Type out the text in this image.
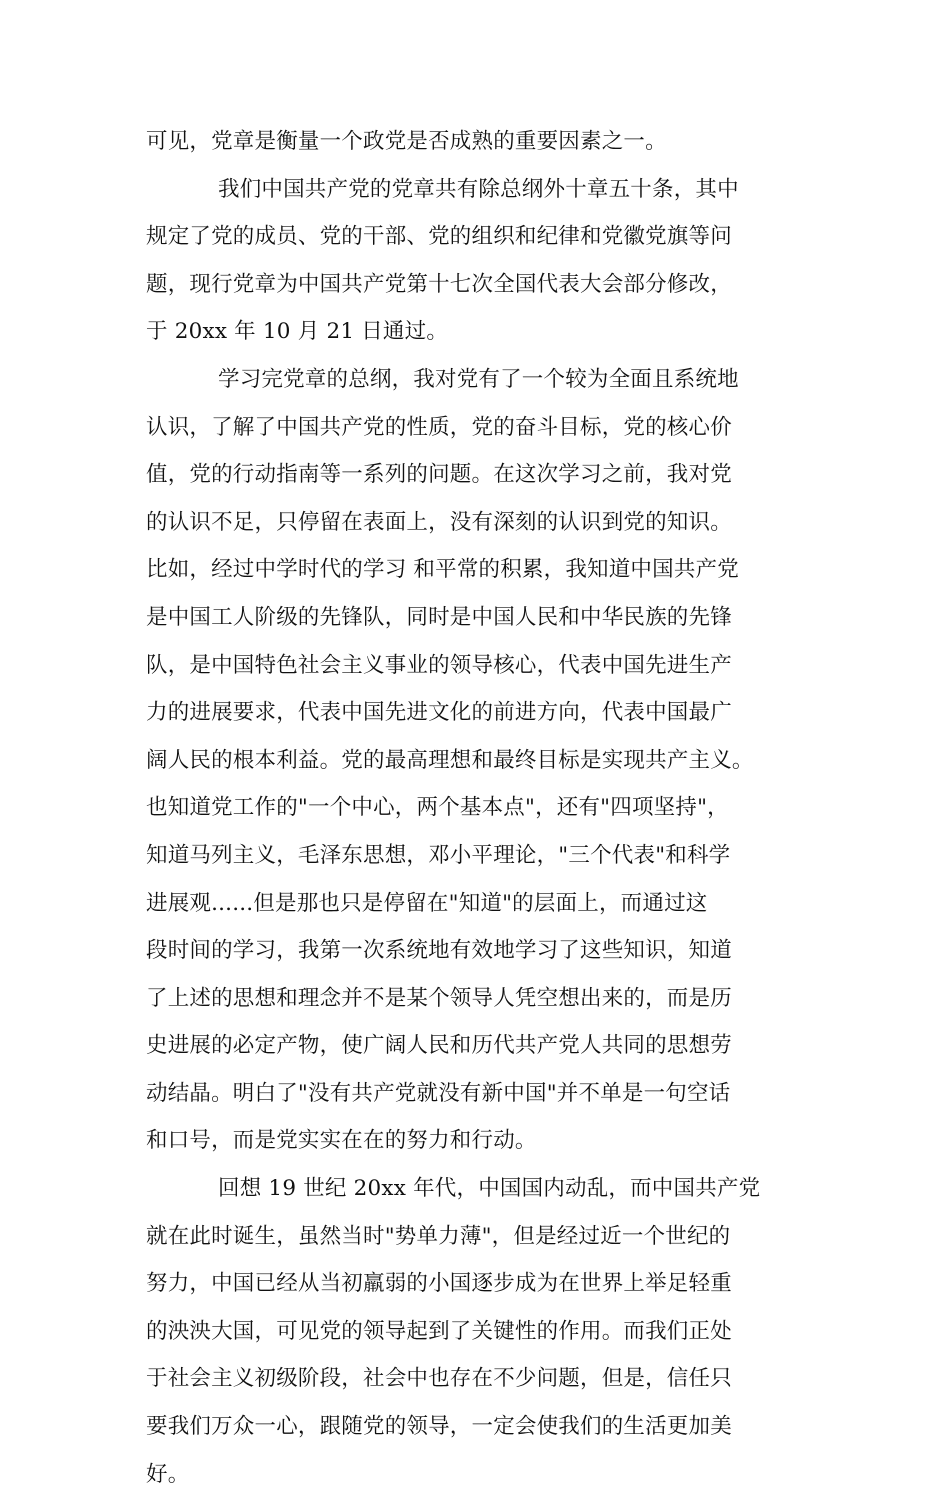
可见，党章是衡量一个政党是否成熟的重要因素之一。
我们中国共产党的党章共有除总纲外十章五十条，其中
规定了党的成员、党的干部、党的组织和纪律和党徽党旗等问
题，现行党章为中国共产党第十七次全国代表大会部分修改，
于 20xx 年 10 月 21 日通过。
学习完党章的总纲，我对党有了一个较为全面且系统地
认识，了解了中国共产党的性质，党的奋斗目标，党的核心价
值，党的行动指南等一系列的问题。在这次学习之前，我对党
的认识不足，只停留在表面上，没有深刻的认识到党的知识。
比如，经过中学时代的学习 和平常的积累，我知道中国共产党
是中国工人阶级的先锋队，同时是中国人民和中华民族的先锋
队，是中国特色社会主义事业的领导核心，代表中国先进生产
力的进展要求，代表中国先进文化的前进方向，代表中国最广
阔人民的根本利益。党的最高理想和最终目标是实现共产主义。
也知道党工作的"一个中心，两个基本点"，还有"四项坚持"，
知道马列主义，毛泽东思想，邓小平理论，"三个代表"和科学
进展观......但是那也只是停留在"知道"的层面上，而通过这
段时间的学习，我第一次系统地有效地学习了这些知识，知道
了上述的思想和理念并不是某个领导人凭空想出来的，而是历
史进展的必定产物，使广阔人民和历代共产党人共同的思想劳
动结晶。明白了"没有共产党就没有新中国"并不单是一句空话
和口号，而是党实实在在的努力和行动。
回想 19 世纪 20xx 年代，中国国内动乱，而中国共产党
就在此时诞生，虽然当时"势单力薄"，但是经过近一个世纪的
努力，中国已经从当初羸弱的小国逐步成为在世界上举足轻重
的泱泱大国，可见党的领导起到了关键性的作用。而我们正处
于社会主义初级阶段，社会中也存在不少问题，但是，信任只
要我们万众一心，跟随党的领导，一定会使我们的生活更加美
好。
